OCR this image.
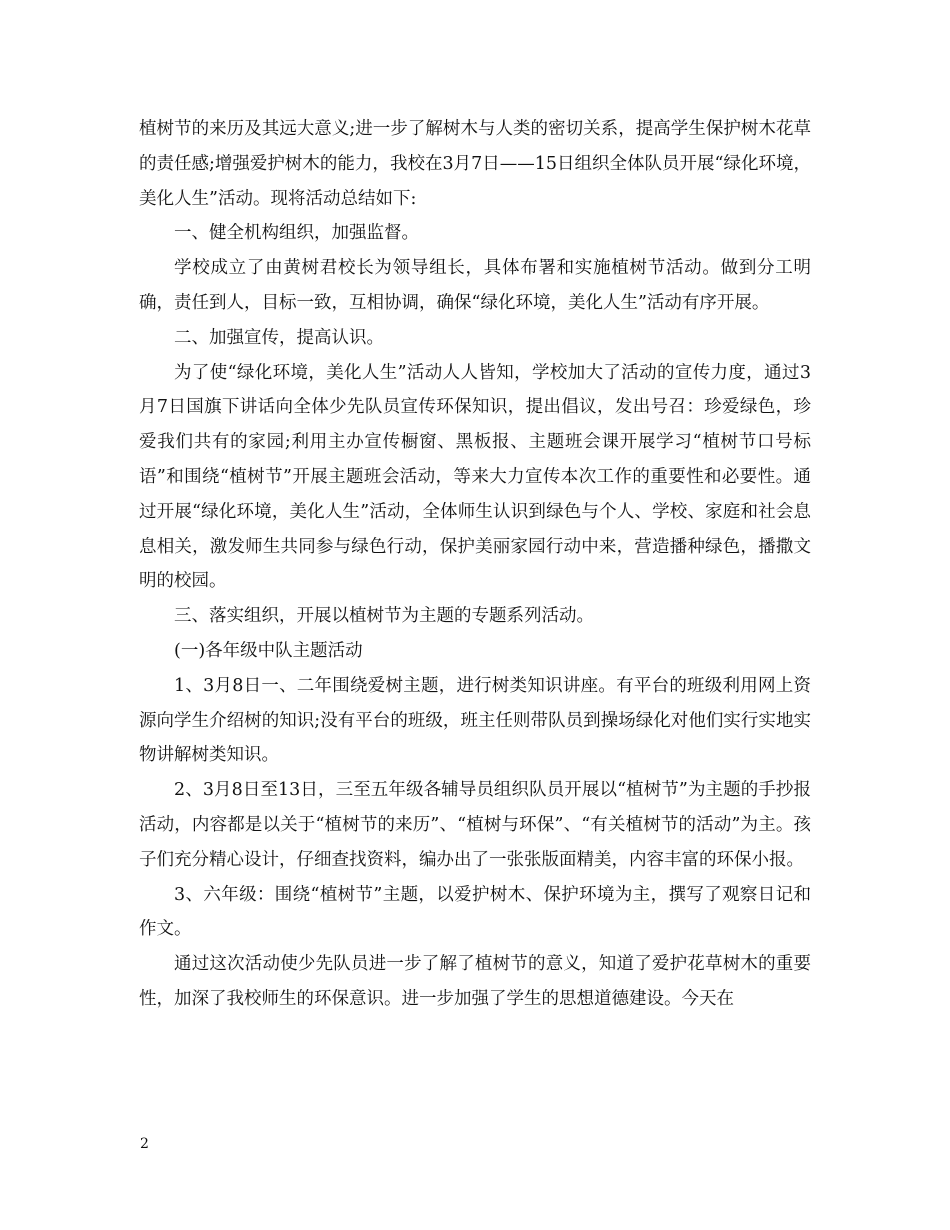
植树节的来历及其远大意义;进一步了解树木与人类的密切关系，提高学生保护树木花草的责任感;增强爱护树木的能力，我校在3月7日——15日组织全体队员开展“绿化环境，美化人生”活动。现将活动总结如下:

一、健全机构组织，加强监督。

学校成立了由黄树君校长为领导组长，具体布署和实施植树节活动。做到分工明确，责任到人，目标一致，互相协调，确保“绿化环境，美化人生”活动有序开展。

二、加强宣传，提高认识。

为了使“绿化环境，美化人生”活动人人皆知，学校加大了活动的宣传力度，通过3月7日国旗下讲话向全体少先队员宣传环保知识，提出倡议，发出号召：珍爱绿色，珍爱我们共有的家园;利用主办宣传橱窗、黑板报、主题班会课开展学习“植树节口号标语”和围绕“植树节”开展主题班会活动，等来大力宣传本次工作的重要性和必要性。通过开展“绿化环境，美化人生”活动，全体师生认识到绿色与个人、学校、家庭和社会息息相关，激发师生共同参与绿色行动，保护美丽家园行动中来，营造播种绿色，播撒文明的校园。

三、落实组织，开展以植树节为主题的专题系列活动。

(一)各年级中队主题活动

1、3月8日一、二年围绕爱树主题，进行树类知识讲座。有平台的班级利用网上资源向学生介绍树的知识;没有平台的班级，班主任则带队员到操场绿化对他们实行实地实物讲解树类知识。

2、3月8日至13日，三至五年级各辅导员组织队员开展以“植树节”为主题的手抄报活动，内容都是以关于“植树节的来历”、“植树与环保”、“有关植树节的活动”为主。孩子们充分精心设计，仔细查找资料，编办出了一张张版面精美，内容丰富的环保小报。

3、六年级：围绕“植树节”主题，以爱护树木、保护环境为主，撰写了观察日记和作文。

通过这次活动使少先队员进一步了解了植树节的意义，知道了爱护花草树木的重要性，加深了我校师生的环保意识。进一步加强了学生的思想道德建设。今天在

2
